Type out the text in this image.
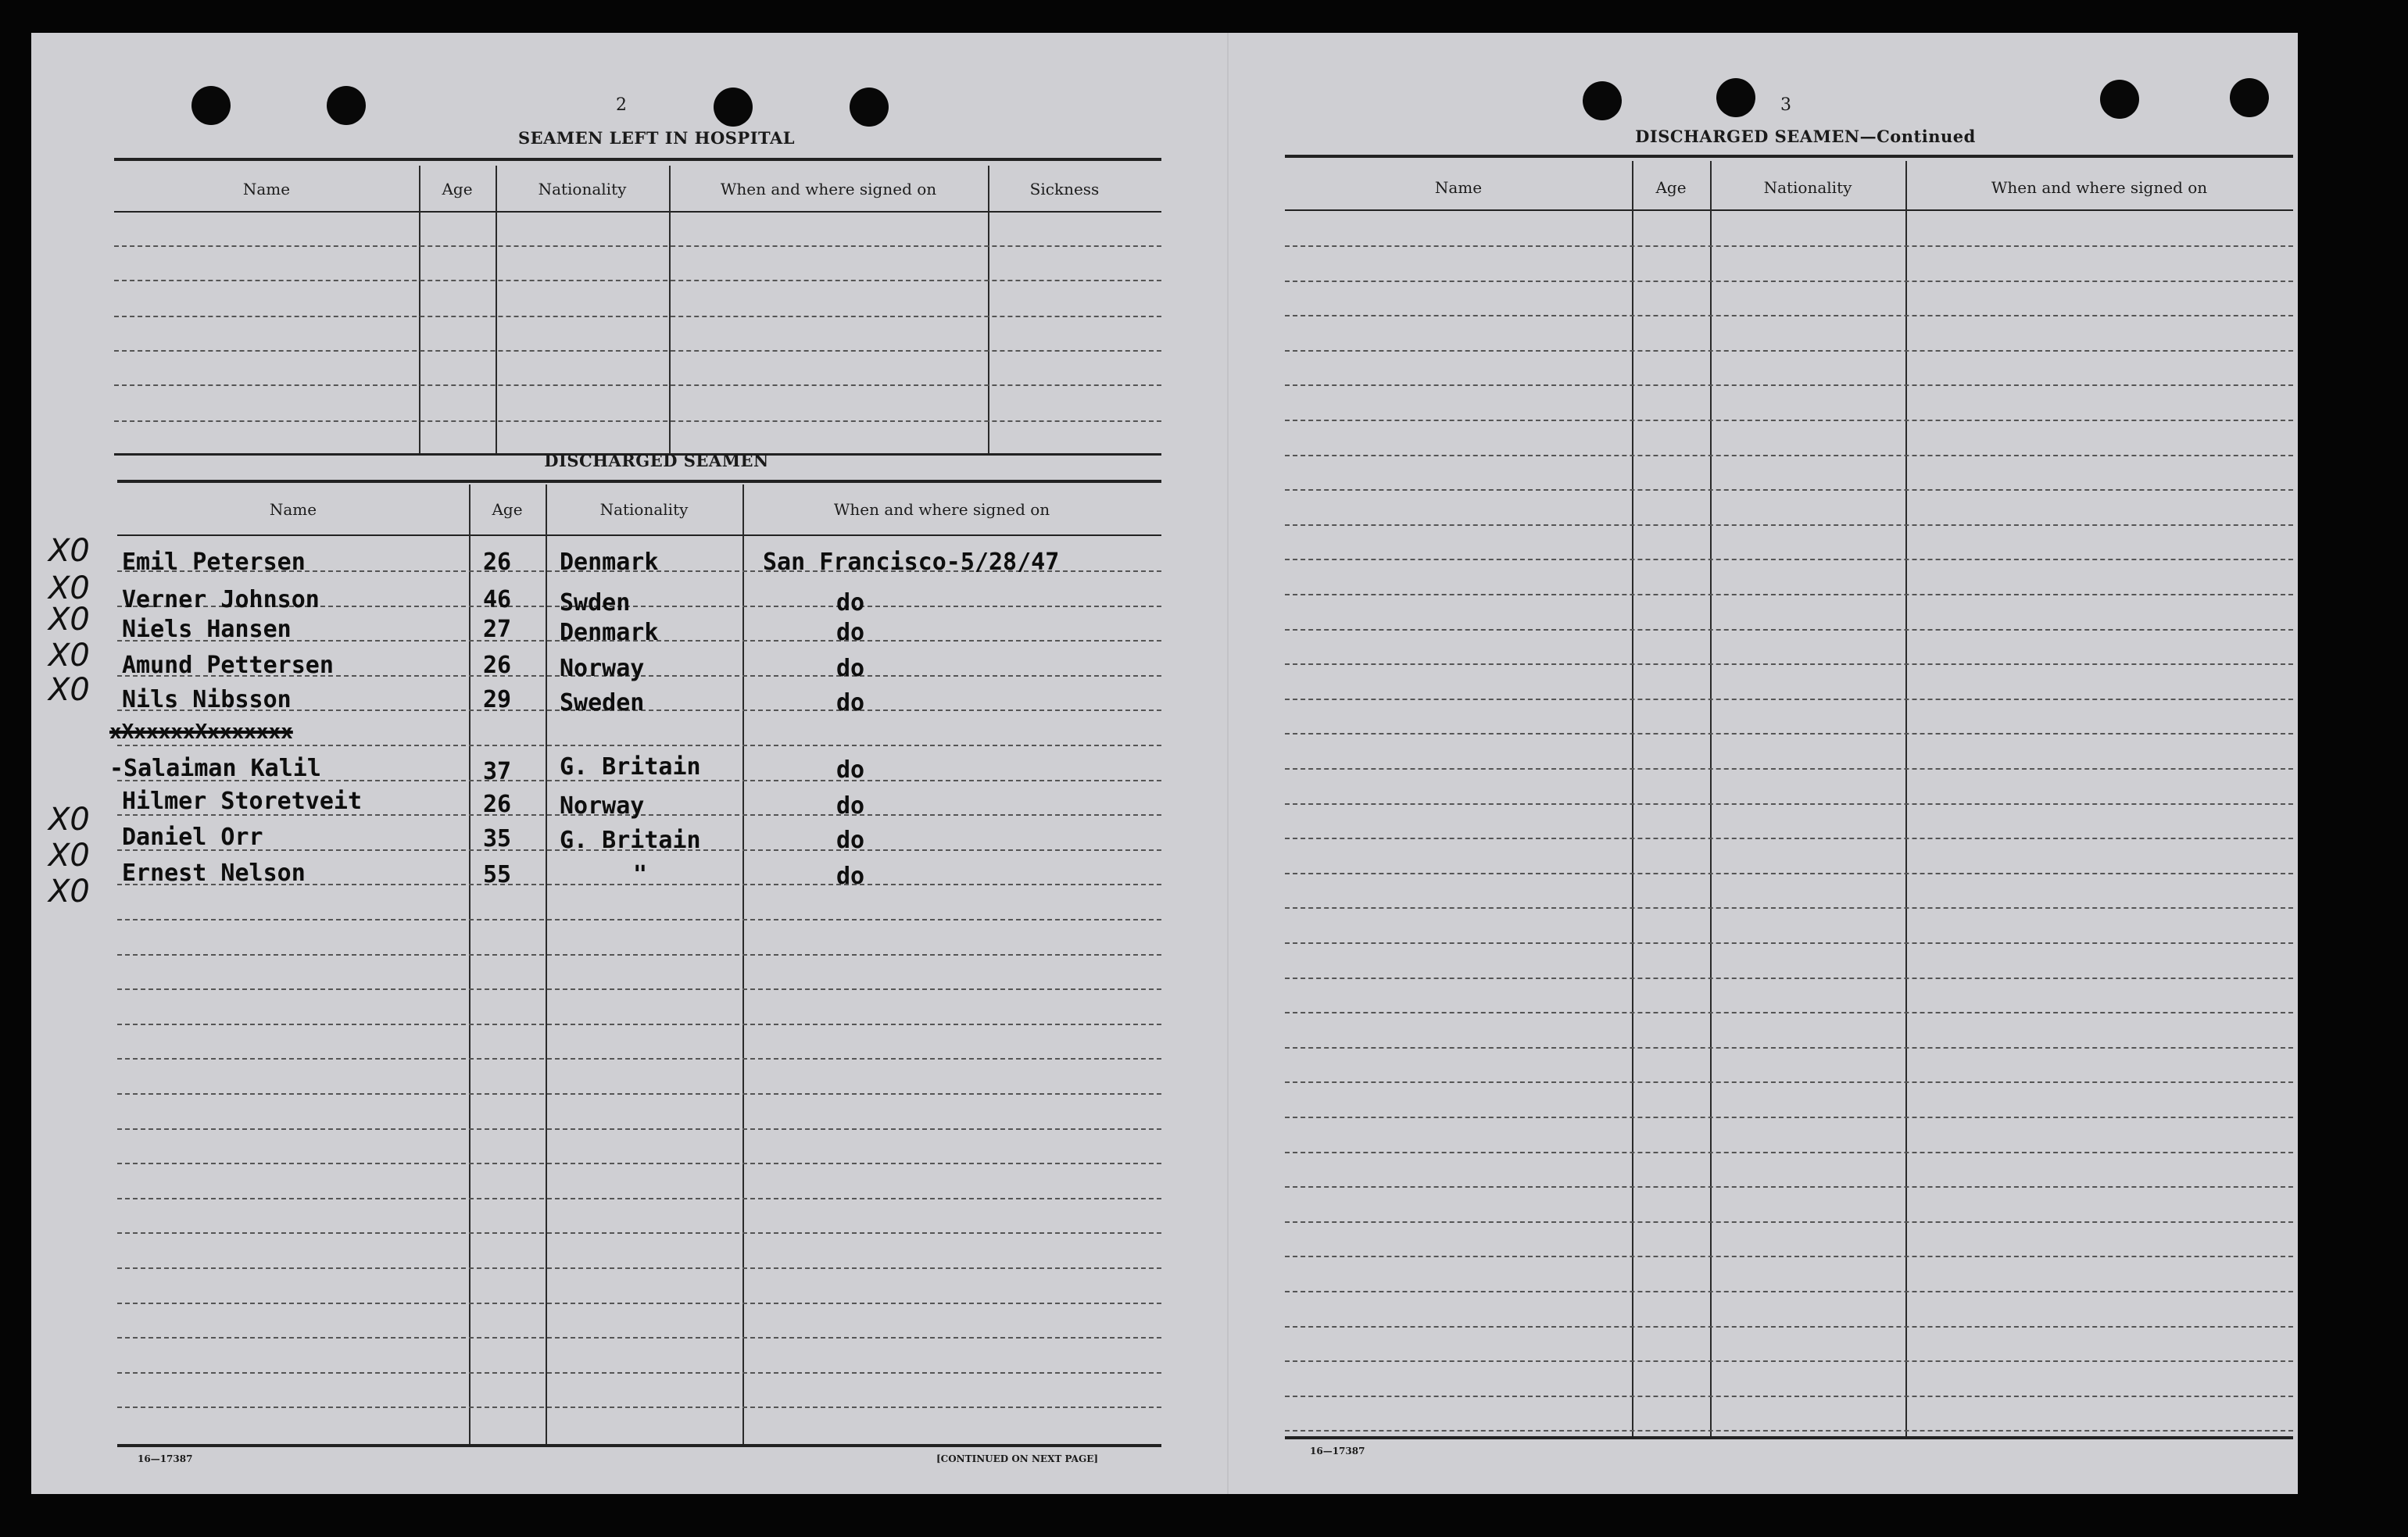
2
SEAMEN LEFT IN HOSPITAL
Name	Age	Nationality	When and where signed on	Sickness
DISCHARGED SEAMEN
Name	Age	Nationality	When and where signed on
X0 Emil Petersen	26 Denmark	San Francisco-5/28/47
X0 Verner Johnson	46 Swden	do
X0 Niels Hansen	27 Denmark	do
X0 Amund Pettersen	26 Norway	do
X0 Nils Nibsson	29 Sweden	do
xXxxxxxXxxxxxxx
-Salaiman Kalil	37 G. Britain	do
X0
Hilmer Storetveit	26 Norway	do
X0
Daniel Orr	35 G. Britain	do
X0
Ernest Nelson	55	"	do
16—17387	[CONTINUED ON NEXT PAGE]
3
DISCHARGED SEAMEN—Continued
Name	Age	Nationality	When and where signed on
16—17387
